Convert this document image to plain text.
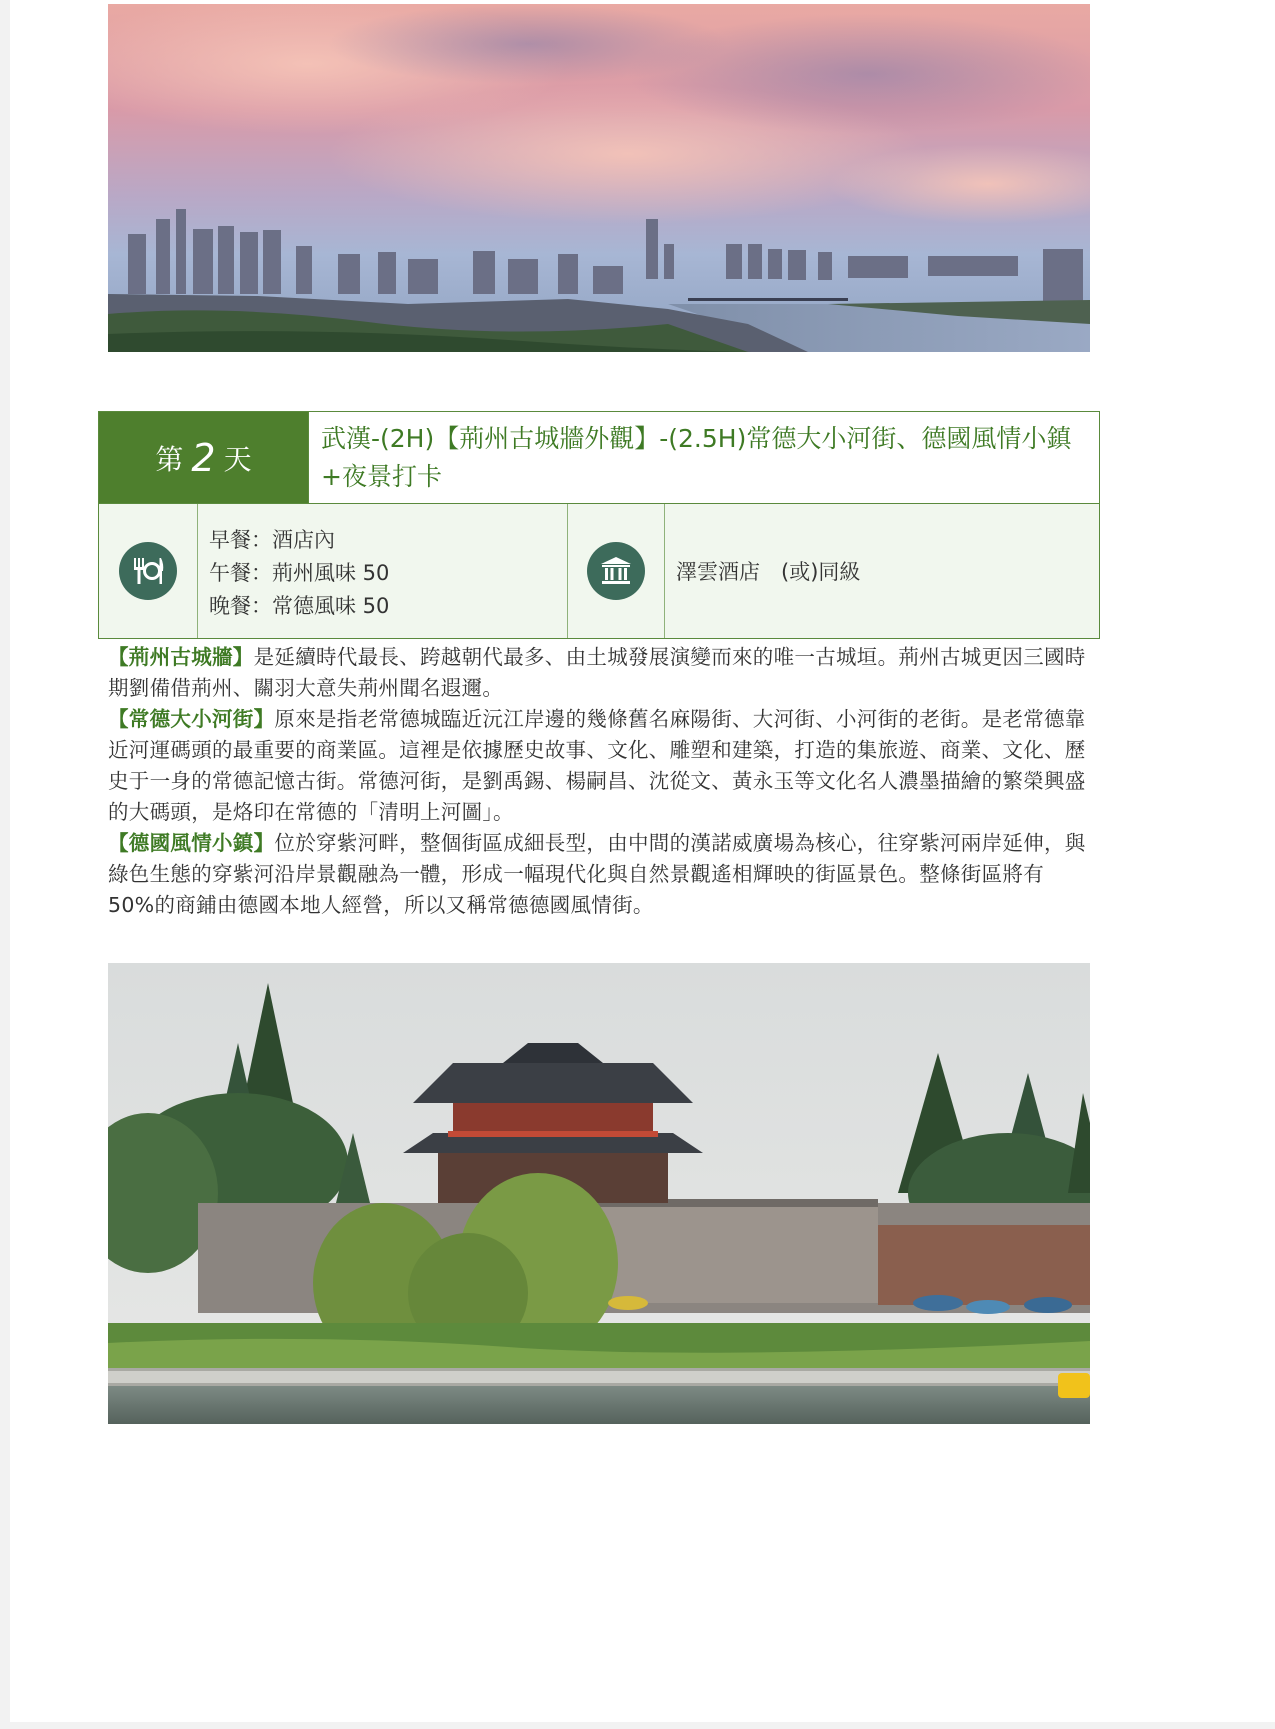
第 2 天
武漢-(2H)【荊州古城牆外觀】-(2.5H)常德大小河街、德國風情小鎮+夜景打卡
早餐：酒店內
午餐：荊州風味 50
晚餐：常德風味 50
澤雲酒店　(或)同級

【荊州古城牆】是延續時代最長、跨越朝代最多、由土城發展演變而來的唯一古城垣。荊州古城更因三國時期劉備借荊州、關羽大意失荊州聞名遐邇。

【常德大小河街】原來是指老常德城臨近沅江岸邊的幾條舊名麻陽街、大河街、小河街的老街。是老常德靠近河運碼頭的最重要的商業區。這裡是依據歷史故事、文化、雕塑和建築，打造的集旅遊、商業、文化、歷史于一身的常德記憶古街。常德河街，是劉禹錫、楊嗣昌、沈從文、黃永玉等文化名人濃墨描繪的繁榮興盛的大碼頭，是烙印在常德的「清明上河圖」。

【德國風情小鎮】位於穿紫河畔，整個街區成細長型，由中間的漢諾威廣場為核心，往穿紫河兩岸延伸，與綠色生態的穿紫河沿岸景觀融為一體，形成一幅現代化與自然景觀遙相輝映的街區景色。整條街區將有 50%的商鋪由德國本地人經營，所以又稱常德德國風情街。
